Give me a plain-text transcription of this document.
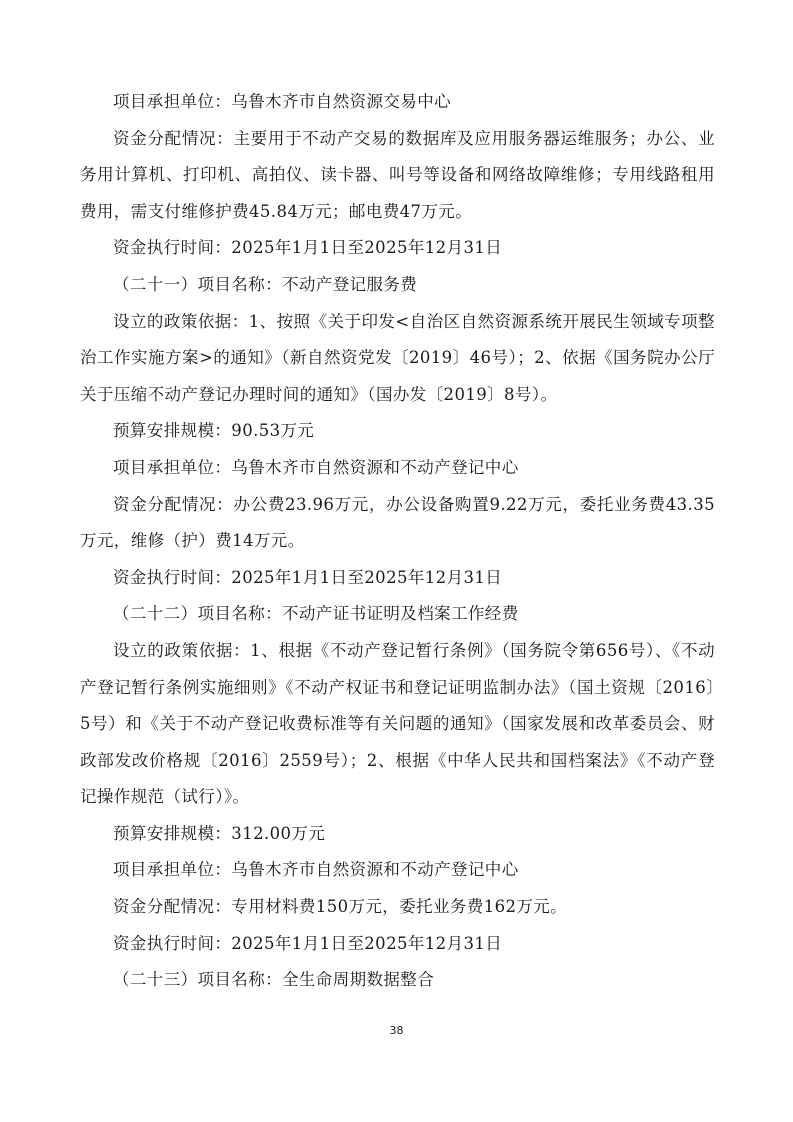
项目承担单位：乌鲁木齐市自然资源交易中心

资金分配情况：主要用于不动产交易的数据库及应用服务器运维服务；办公、业务用计算机、打印机、高拍仪、读卡器、叫号等设备和网络故障维修；专用线路租用费用，需支付维修护费45.84万元；邮电费47万元。

资金执行时间：2025年1月1日至2025年12月31日

（二十一）项目名称：不动产登记服务费

设立的政策依据：1、按照《关于印发<自治区自然资源系统开展民生领域专项整治工作实施方案>的通知》（新自然资党发〔2019〕46号）；2、依据《国务院办公厅关于压缩不动产登记办理时间的通知》（国办发〔2019〕8号）。

预算安排规模：90.53万元

项目承担单位：乌鲁木齐市自然资源和不动产登记中心

资金分配情况：办公费23.96万元，办公设备购置9.22万元，委托业务费43.35万元，维修（护）费14万元。

资金执行时间：2025年1月1日至2025年12月31日

（二十二）项目名称：不动产证书证明及档案工作经费

设立的政策依据：1、根据《不动产登记暂行条例》（国务院令第656号）、《不动产登记暂行条例实施细则》《不动产权证书和登记证明监制办法》（国土资规〔2016〕5号）和《关于不动产登记收费标准等有关问题的通知》（国家发展和改革委员会、财政部发改价格规〔2016〕2559号）；2、根据《中华人民共和国档案法》《不动产登记操作规范（试行）》。

预算安排规模：312.00万元

项目承担单位：乌鲁木齐市自然资源和不动产登记中心

资金分配情况：专用材料费150万元，委托业务费162万元。

资金执行时间：2025年1月1日至2025年12月31日

（二十三）项目名称：全生命周期数据整合

38
